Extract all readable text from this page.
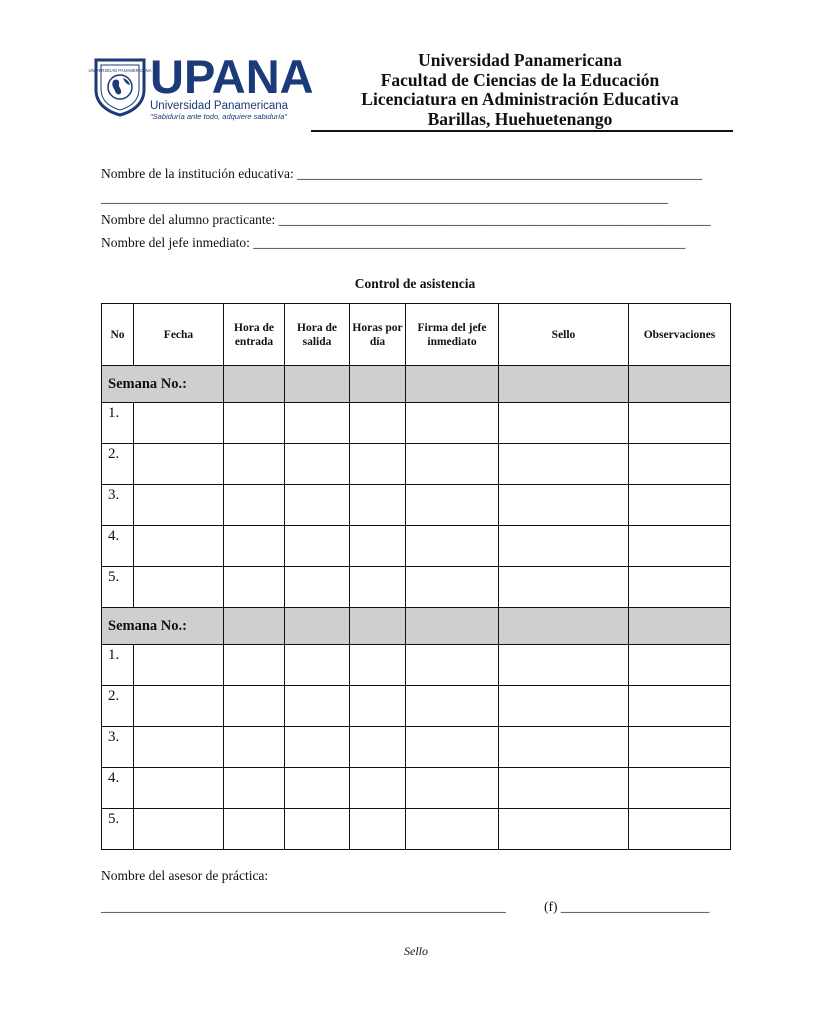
UNIVERSIDAD PANAMERICANA
UPANA
Universidad Panamericana
"Sabiduría ante todo, adquiere sabiduría"
Universidad Panamericana
Facultad de Ciencias de la Educación
Licenciatura en Administración Educativa
Barillas, Huehuetenango
Nombre de la institución educativa: ____________________________________________________________
____________________________________________________________________________________
Nombre del alumno practicante: ________________________________________________________________
Nombre del jefe inmediato: ________________________________________________________________
Control de asistencia
No	Fecha	Hora de entrada	Hora de salida	Horas por día	Firma del jefe inmediato	Sello	Observaciones
Semana No.:							
1.							
2.							
3.							
4.							
5.							
Semana No.:							
1.							
2.							
3.							
4.							
5.							
Nombre del asesor de práctica:
____________________________________________________________	(f) ______________________
Sello
